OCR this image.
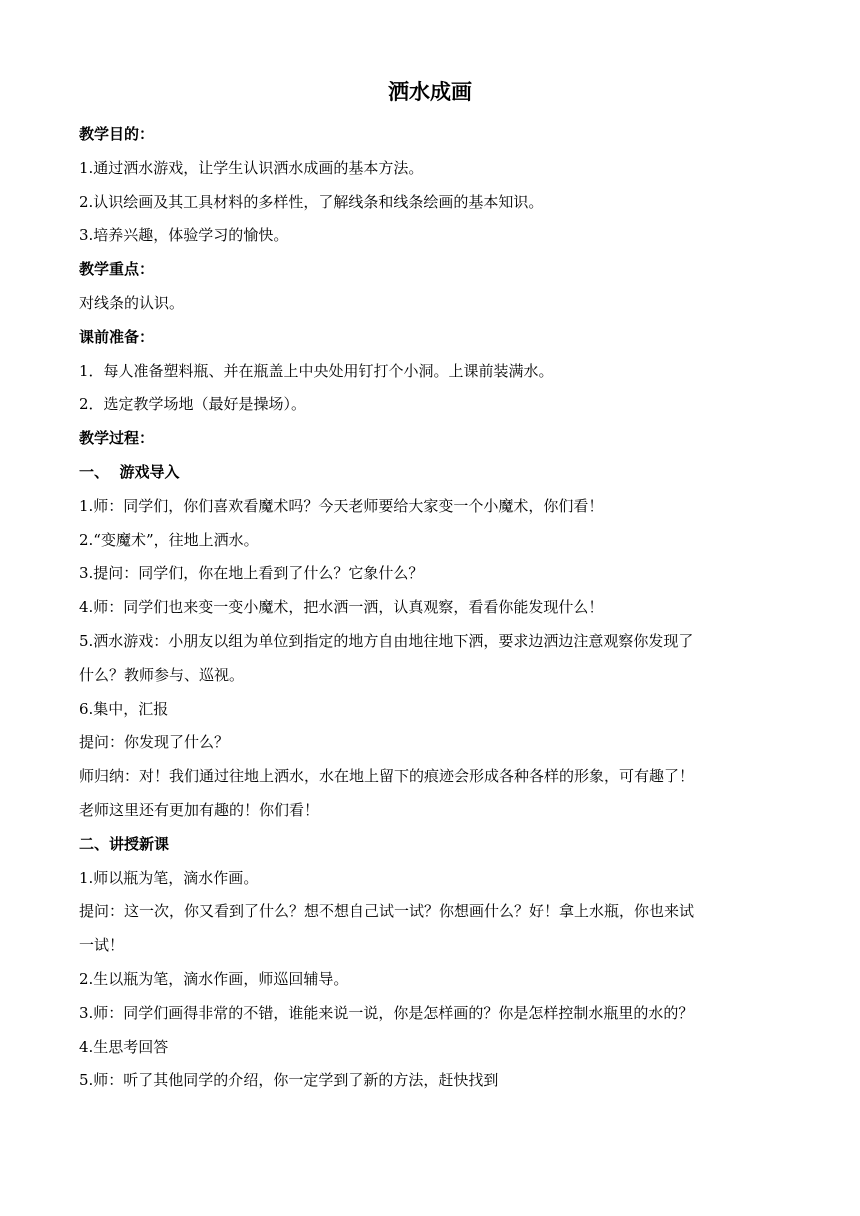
洒水成画
教学目的：
1.通过洒水游戏，让学生认识洒水成画的基本方法。
2.认识绘画及其工具材料的多样性，了解线条和线条绘画的基本知识。
3.培养兴趣，体验学习的愉快。
教学重点：
对线条的认识。
课前准备：
1．每人准备塑料瓶、并在瓶盖上中央处用钉打个小洞。上课前装满水。
2．选定教学场地（最好是操场）。
教学过程：
一、  游戏导入
1.师：同学们，你们喜欢看魔术吗？今天老师要给大家变一个小魔术，你们看！
2.“变魔术”，往地上洒水。
3.提问：同学们，你在地上看到了什么？它象什么？
4.师：同学们也来变一变小魔术，把水洒一洒，认真观察，看看你能发现什么！
5.洒水游戏：小朋友以组为单位到指定的地方自由地往地下洒，要求边洒边注意观察你发现了
什么？教师参与、巡视。
6.集中，汇报
提问：你发现了什么？
师归纳：对！我们通过往地上洒水，水在地上留下的痕迹会形成各种各样的形象，可有趣了！
老师这里还有更加有趣的！你们看！
二、讲授新课
1.师以瓶为笔，滴水作画。
提问：这一次，你又看到了什么？想不想自己试一试？你想画什么？好！拿上水瓶，你也来试
一试！
2.生以瓶为笔，滴水作画，师巡回辅导。
3.师：同学们画得非常的不错，谁能来说一说，你是怎样画的？你是怎样控制水瓶里的水的？
4.生思考回答
5.师：听了其他同学的介绍，你一定学到了新的方法，赶快找到
